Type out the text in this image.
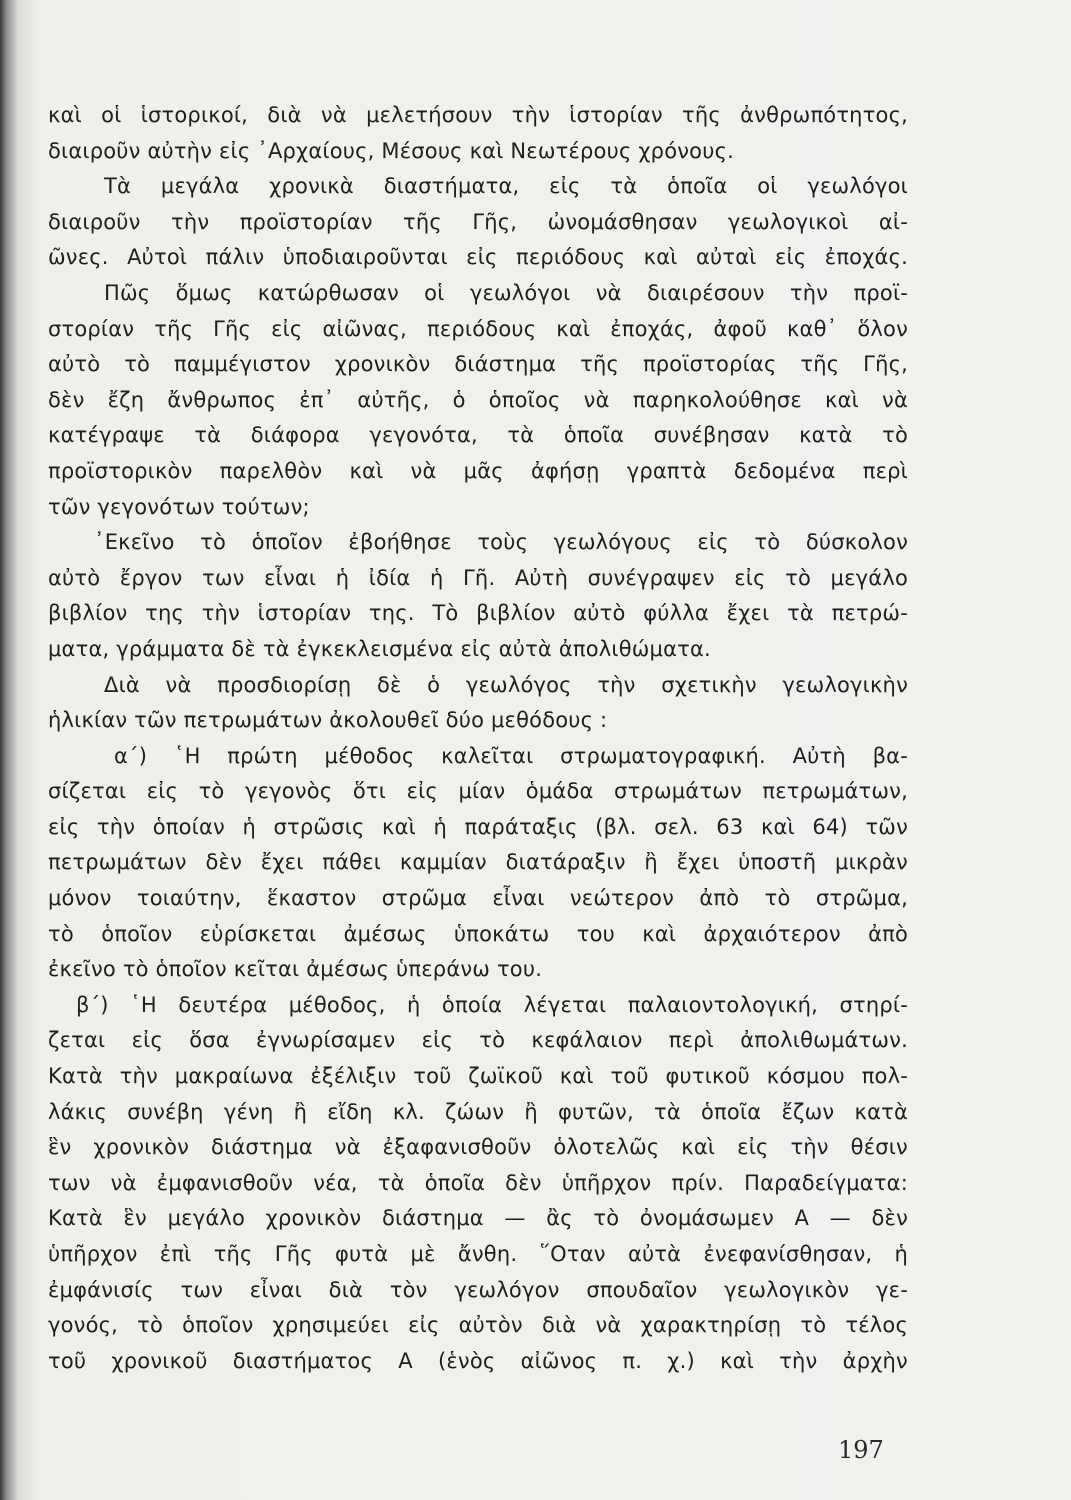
καὶ οἱ ἱστορικοί, διὰ νὰ μελετήσουν τὴν ἱστορίαν τῆς ἀνθρωπότητος,
διαιροῦν αὐτὴν εἰς ᾿Αρχαίους, Μέσους καὶ Νεωτέρους χρόνους.
Τὰ μεγάλα χρονικὰ διαστήματα, εἰς τὰ ὁποῖα οἱ γεωλόγοι
διαιροῦν τὴν προϊστορίαν τῆς Γῆς, ὠνομάσθησαν γεωλογικοὶ αἰ-
ῶνες. Αὐτοὶ πάλιν ὑποδιαιροῦνται εἰς περιόδους καὶ αὐταὶ εἰς ἐποχάς.
Πῶς ὅμως κατώρθωσαν οἱ γεωλόγοι νὰ διαιρέσουν τὴν προϊ-
στορίαν τῆς Γῆς εἰς αἰῶνας, περιόδους καὶ ἐποχάς, ἀφοῦ καθ᾿ ὅλον
αὐτὸ τὸ παμμέγιστον χρονικὸν διάστημα τῆς προϊστορίας τῆς Γῆς,
δὲν ἔζη ἄνθρωπος ἐπ᾿ αὐτῆς, ὁ ὁποῖος νὰ παρηκολούθησε καὶ νὰ
κατέγραψε τὰ διάφορα γεγονότα, τὰ ὁποῖα συνέβησαν κατὰ τὸ
προϊστορικὸν παρελθὸν καὶ νὰ μᾶς ἀφήσῃ γραπτὰ δεδομένα περὶ
τῶν γεγονότων τούτων;
᾿Εκεῖνο τὸ ὁποῖον ἐβοήθησε τοὺς γεωλόγους εἰς τὸ δύσκολον
αὐτὸ ἔργον των εἶναι ἡ ἰδία ἡ Γῆ. Αὐτὴ συνέγραψεν εἰς τὸ μεγάλο
βιβλίον της τὴν ἱστορίαν της. Τὸ βιβλίον αὐτὸ φύλλα ἔχει τὰ πετρώ-
ματα, γράμματα δὲ τὰ ἐγκεκλεισμένα εἰς αὐτὰ ἀπολιθώματα.
Διὰ νὰ προσδιορίσῃ δὲ ὁ γεωλόγος τὴν σχετικὴν γεωλογικὴν
ἡλικίαν τῶν πετρωμάτων ἀκολουθεῖ δύο μεθόδους :
α΄) ῾Η πρώτη μέθοδος καλεῖται στρωματογραφική. Αὐτὴ βα-
σίζεται εἰς τὸ γεγονὸς ὅτι εἰς μίαν ὁμάδα στρωμάτων πετρωμάτων,
εἰς τὴν ὁποίαν ἡ στρῶσις καὶ ἡ παράταξις (βλ. σελ. 63 καὶ 64) τῶν
πετρωμάτων δὲν ἔχει πάθει καμμίαν διατάραξιν ἢ ἔχει ὑποστῆ μικρὰν
μόνον τοιαύτην, ἕκαστον στρῶμα εἶναι νεώτερον ἀπὸ τὸ στρῶμα,
τὸ ὁποῖον εὑρίσκεται ἀμέσως ὑποκάτω του καὶ ἀρχαιότερον ἀπὸ
ἐκεῖνο τὸ ὁποῖον κεῖται ἀμέσως ὑπεράνω του.
β΄) ῾Η δευτέρα μέθοδος, ἡ ὁποία λέγεται παλαιοντολογική, στηρί-
ζεται εἰς ὅσα ἐγνωρίσαμεν εἰς τὸ κεφάλαιον περὶ ἀπολιθωμάτων.
Κατὰ τὴν μακραίωνα ἐξέλιξιν τοῦ ζωϊκοῦ καὶ τοῦ φυτικοῦ κόσμου πολ-
λάκις συνέβη γένη ἢ εἴδη κλ. ζώων ἢ φυτῶν, τὰ ὁποῖα ἔζων κατὰ
ἓν χρονικὸν διάστημα νὰ ἐξαφανισθοῦν ὁλοτελῶς καὶ εἰς τὴν θέσιν
των νὰ ἐμφανισθοῦν νέα, τὰ ὁποῖα δὲν ὑπῆρχον πρίν. Παραδείγματα:
Κατὰ ἓν μεγάλο χρονικὸν διάστημα — ἂς τὸ ὀνομάσωμεν Α — δὲν
ὑπῆρχον ἐπὶ τῆς Γῆς φυτὰ μὲ ἄνθη. ῞Οταν αὐτὰ ἐνεφανίσθησαν, ἡ
ἐμφάνισίς των εἶναι διὰ τὸν γεωλόγον σπουδαῖον γεωλογικὸν γε-
γονός, τὸ ὁποῖον χρησιμεύει εἰς αὐτὸν διὰ νὰ χαρακτηρίσῃ τὸ τέλος
τοῦ χρονικοῦ διαστήματος Α (ἑνὸς αἰῶνος π. χ.) καὶ τὴν ἀρχὴν
197
